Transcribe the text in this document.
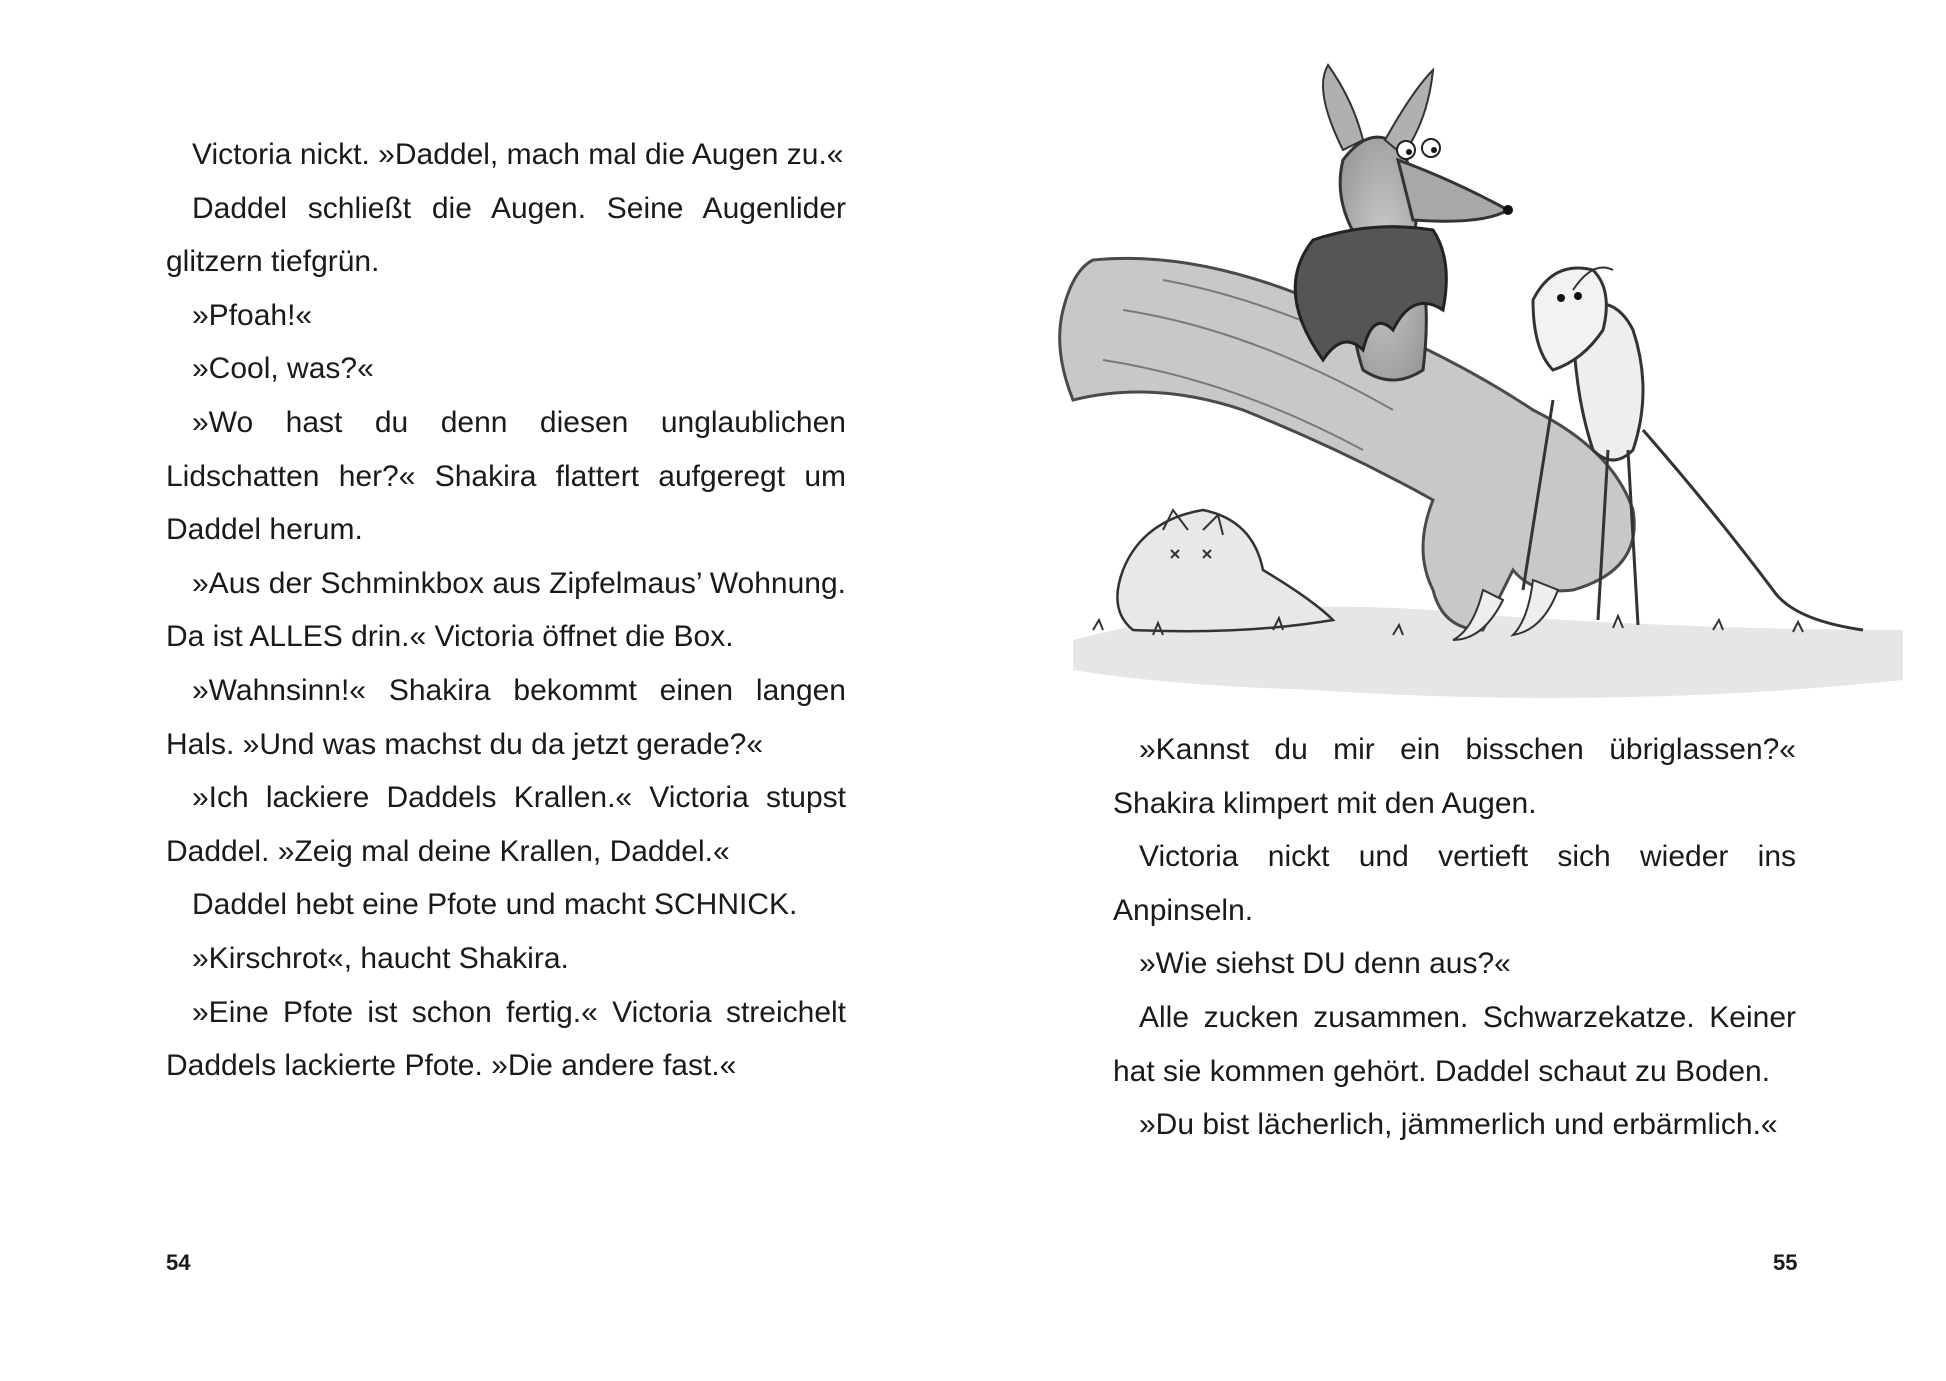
Victoria nickt. »Daddel, mach mal die Augen zu.«

Daddel schließt die Augen. Seine Augenlider glitzern tiefgrün.

»Pfoah!«

»Cool, was?«

»Wo hast du denn diesen unglaublichen Lidschatten her?« Shakira flattert aufgeregt um Daddel herum.

»Aus der Schminkbox aus Zipfelmaus’ Wohnung. Da ist ALLES drin.« Victoria öffnet die Box.

»Wahnsinn!« Shakira bekommt einen langen Hals. »Und was machst du da jetzt gerade?«

»Ich lackiere Daddels Krallen.« Victoria stupst Daddel. »Zeig mal deine Krallen, Daddel.«

Daddel hebt eine Pfote und macht SCHNICK.

»Kirschrot«, haucht Shakira.

»Eine Pfote ist schon fertig.« Victoria streichelt Daddels lackierte Pfote. »Die andere fast.«

54

»Kannst du mir ein bisschen übriglassen?« Shakira klimpert mit den Augen.

Victoria nickt und vertieft sich wieder ins Anpinseln.

»Wie siehst DU denn aus?«

Alle zucken zusammen. Schwarzekatze. Keiner hat sie kommen gehört. Daddel schaut zu Boden.

»Du bist lächerlich, jämmerlich und erbärmlich.«

55
